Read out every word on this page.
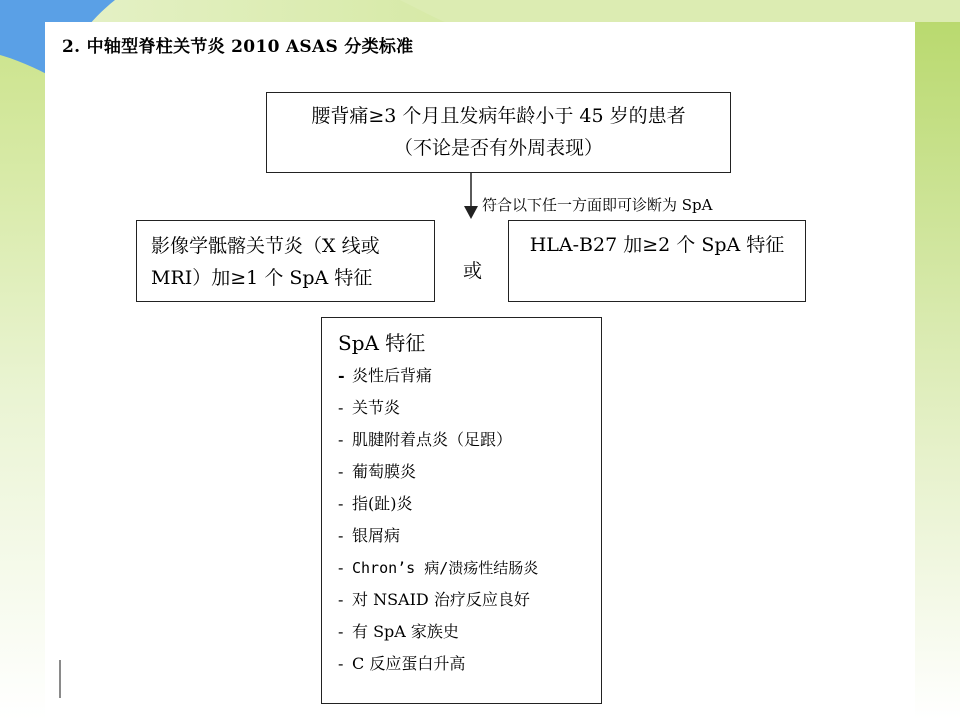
2. 中轴型脊柱关节炎 2010 ASAS 分类标准
腰背痛≥3 个月且发病年龄小于 45 岁的患者
（不论是否有外周表现）
符合以下任一方面即可诊断为 SpA
影像学骶髂关节炎（X 线或
MRI）加≥1 个 SpA 特征	或
HLA-B27 加≥2 个 SpA 特征
SpA 特征
- 炎性后背痛
- 关节炎
- 肌腱附着点炎（足跟）
- 葡萄膜炎
- 指(趾)炎
- 银屑病
- Chron’s 病/溃疡性结肠炎
- 对 NSAID 治疗反应良好
- 有 SpA 家族史
- C 反应蛋白升高
